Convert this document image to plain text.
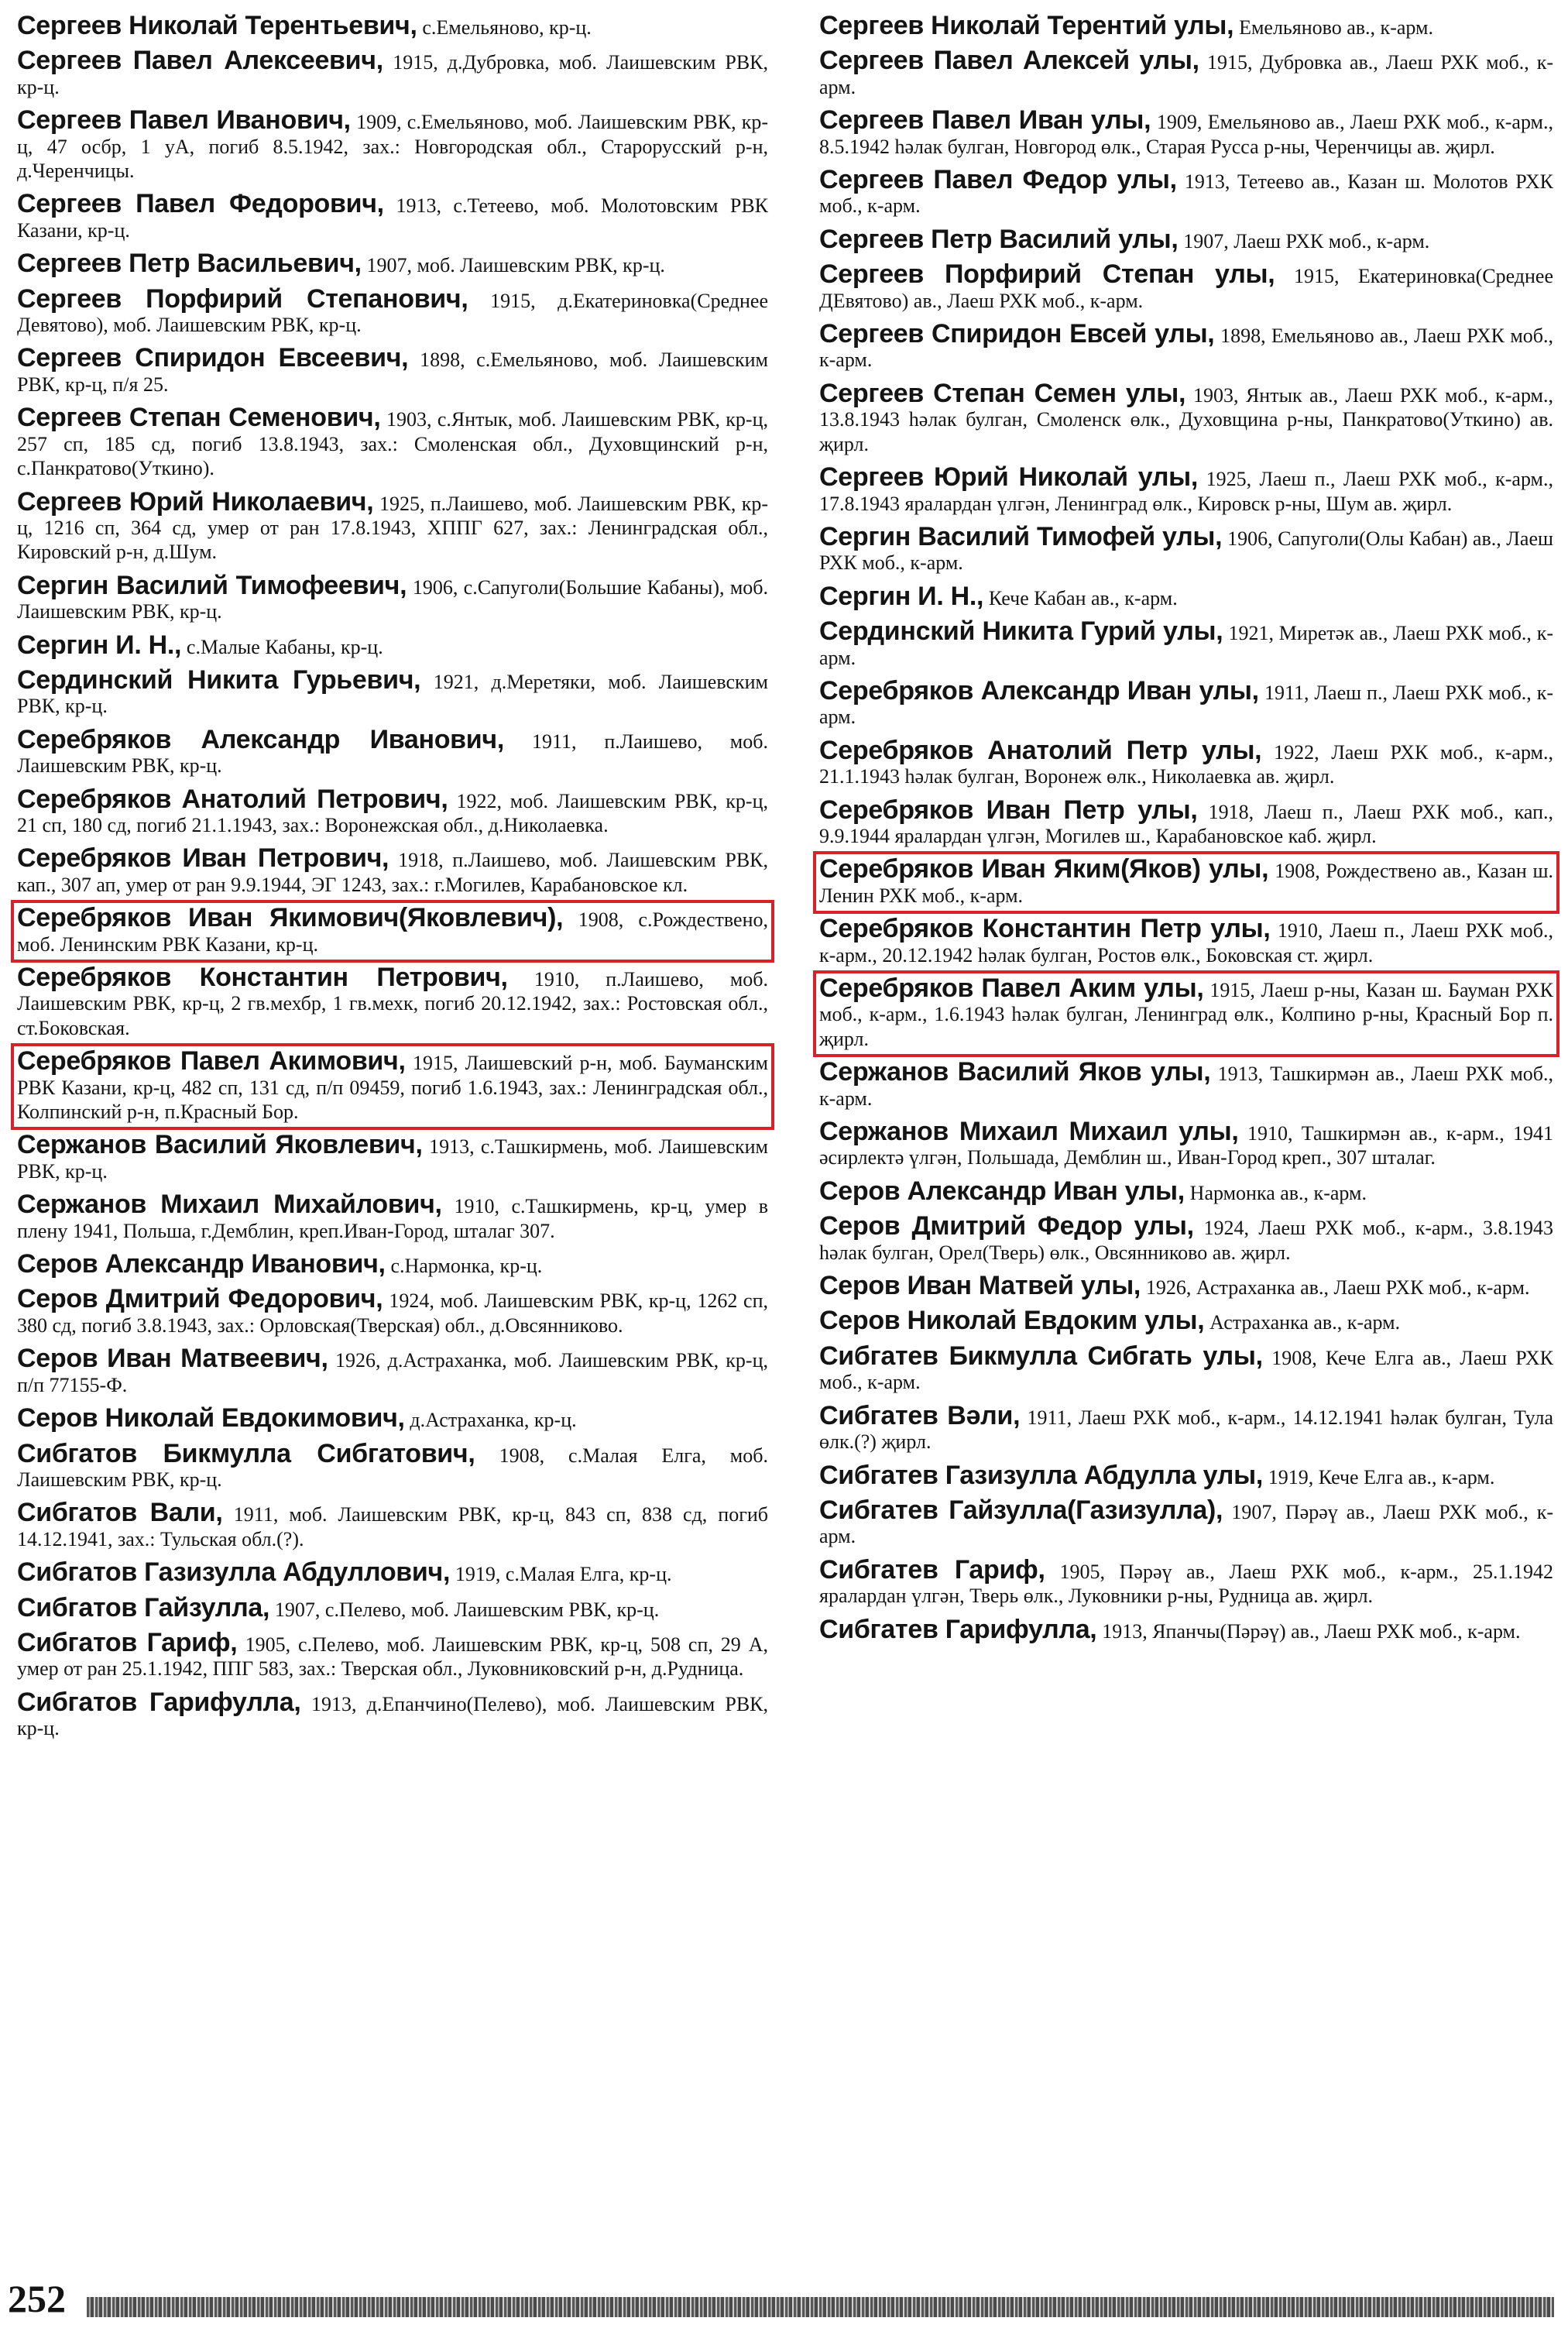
Сергеев Николай Терентьевич, с.Емельяново, кр-ц.
Сергеев Павел Алексеевич, 1915, д.Дубровка, моб. Лаишевским РВК, кр-ц.
Сергеев Павел Иванович, 1909, с.Емельяново, моб. Лаишевским РВК, кр-ц, 47 осбр, 1 уА, погиб 8.5.1942, зах.: Новгородская обл., Старорусский р-н, д.Черенчицы.
Сергеев Павел Федорович, 1913, с.Тетеево, моб. Молотовским РВК Казани, кр-ц.
Сергеев Петр Васильевич, 1907, моб. Лаишевским РВК, кр-ц.
Сергеев Порфирий Степанович, 1915, д.Екатериновка(Среднее Девятово), моб. Лаишевским РВК, кр-ц.
Сергеев Спиридон Евсеевич, 1898, с.Емельяново, моб. Лаишевским РВК, кр-ц, п/я 25.
Сергеев Степан Семенович, 1903, с.Янтык, моб. Лаишевским РВК, кр-ц, 257 сп, 185 сд, погиб 13.8.1943, зах.: Смоленская обл., Духовщинский р-н, с.Панкратово(Уткино).
Сергеев Юрий Николаевич, 1925, п.Лаишево, моб. Лаишевским РВК, кр-ц, 1216 сп, 364 сд, умер от ран 17.8.1943, ХППГ 627, зах.: Ленинградская обл., Кировский р-н, д.Шум.
Сергин Василий Тимофеевич, 1906, с.Сапуголи(Большие Кабаны), моб. Лаишевским РВК, кр-ц.
Сергин И. Н., с.Малые Кабаны, кр-ц.
Сердинский Никита Гурьевич, 1921, д.Меретяки, моб. Лаишевским РВК, кр-ц.
Серебряков Александр Иванович, 1911, п.Лаишево, моб. Лаишевским РВК, кр-ц.
Серебряков Анатолий Петрович, 1922, моб. Лаишевским РВК, кр-ц, 21 сп, 180 сд, погиб 21.1.1943, зах.: Воронежская обл., д.Николаевка.
Серебряков Иван Петрович, 1918, п.Лаишево, моб. Лаишевским РВК, кап., 307 ап, умер от ран 9.9.1944, ЭГ 1243, зах.: г.Могилев, Карабановское кл.
Серебряков Иван Якимович(Яковлевич), 1908, с.Рождествено, моб. Ленинским РВК Казани, кр-ц.
Серебряков Константин Петрович, 1910, п.Лаишево, моб. Лаишевским РВК, кр-ц, 2 гв.мехбр, 1 гв.мехк, погиб 20.12.1942, зах.: Ростовская обл., ст.Боковская.
Серебряков Павел Акимович, 1915, Лаишевский р-н, моб. Бауманским РВК Казани, кр-ц, 482 сп, 131 сд, п/п 09459, погиб 1.6.1943, зах.: Ленинградская обл., Колпинский р-н, п.Красный Бор.
Сержанов Василий Яковлевич, 1913, с.Ташкирмень, моб. Лаишевским РВК, кр-ц.
Сержанов Михаил Михайлович, 1910, с.Ташкирмень, кр-ц, умер в плену 1941, Польша, г.Демблин, креп.Иван-Город, шталаг 307.
Серов Александр Иванович, с.Нармонка, кр-ц.
Серов Дмитрий Федорович, 1924, моб. Лаишевским РВК, кр-ц, 1262 сп, 380 сд, погиб 3.8.1943, зах.: Орловская(Тверская) обл., д.Овсянниково.
Серов Иван Матвеевич, 1926, д.Астраханка, моб. Лаишевским РВК, кр-ц, п/п 77155-Ф.
Серов Николай Евдокимович, д.Астраханка, кр-ц.
Сибгатов Бикмулла Сибгатович, 1908, с.Малая Елга, моб. Лаишевским РВК, кр-ц.
Сибгатов Вали, 1911, моб. Лаишевским РВК, кр-ц, 843 сп, 838 сд, погиб 14.12.1941, зах.: Тульская обл.(?).
Сибгатов Газизулла Абдуллович, 1919, с.Малая Елга, кр-ц.
Сибгатов Гайзулла, 1907, с.Пелево, моб. Лаишевским РВК, кр-ц.
Сибгатов Гариф, 1905, с.Пелево, моб. Лаишевским РВК, кр-ц, 508 сп, 29 А, умер от ран 25.1.1942, ППГ 583, зах.: Тверская обл., Луковниковский р-н, д.Рудница.
Сибгатов Гарифулла, 1913, д.Епанчино(Пелево), моб. Лаишевским РВК, кр-ц.
Сергеев Николай Терентий улы, Емельяново ав., к-арм.
Сергеев Павел Алексей улы, 1915, Дубровка ав., Лаеш РХК моб., к-арм.
Сергеев Павел Иван улы, 1909, Емельяново ав., Лаеш РХК моб., к-арм., 8.5.1942 һәлак булган, Новгород өлк., Старая Русса р-ны, Черенчицы ав. җирл.
Сергеев Павел Федор улы, 1913, Тетеево ав., Казан ш. Молотов РХК моб., к-арм.
Сергеев Петр Василий улы, 1907, Лаеш РХК моб., к-арм.
Сергеев Порфирий Степан улы, 1915, Екатериновка(Среднее ДЕвятово) ав., Лаеш РХК моб., к-арм.
Сергеев Спиридон Евсей улы, 1898, Емельяново ав., Лаеш РХК моб., к-арм.
Сергеев Степан Семен улы, 1903, Янтык ав., Лаеш РХК моб., к-арм., 13.8.1943 һәлак булган, Смоленск өлк., Духовщина р-ны, Панкратово(Уткино) ав. җирл.
Сергеев Юрий Николай улы, 1925, Лаеш п., Лаеш РХК моб., к-арм., 17.8.1943 яралардан үлгән, Ленинград өлк., Кировск р-ны, Шум ав. җирл.
Сергин Василий Тимофей улы, 1906, Сапуголи(Олы Кабан) ав., Лаеш РХК моб., к-арм.
Сергин И. Н., Кече Кабан ав., к-арм.
Сердинский Никита Гурий улы, 1921, Миретәк ав., Лаеш РХК моб., к-арм.
Серебряков Александр Иван улы, 1911, Лаеш п., Лаеш РХК моб., к-арм.
Серебряков Анатолий Петр улы, 1922, Лаеш РХК моб., к-арм., 21.1.1943 һәлак булган, Воронеж өлк., Николаевка ав. җирл.
Серебряков Иван Петр улы, 1918, Лаеш п., Лаеш РХК моб., кап., 9.9.1944 яралардан үлгән, Могилев ш., Карабановское каб. җирл.
Серебряков Иван Яким(Яков) улы, 1908, Рождествено ав., Казан ш. Ленин РХК моб., к-арм.
Серебряков Константин Петр улы, 1910, Лаеш п., Лаеш РХК моб., к-арм., 20.12.1942 һәлак булган, Ростов өлк., Боковская ст. җирл.
Серебряков Павел Аким улы, 1915, Лаеш р-ны, Казан ш. Бауман РХК моб., к-арм., 1.6.1943 һәлак булган, Ленинград өлк., Колпино р-ны, Красный Бор п. җирл.
Сержанов Василий Яков улы, 1913, Ташкирмән ав., Лаеш РХК моб., к-арм.
Сержанов Михаил Михаил улы, 1910, Ташкирмән ав., к-арм., 1941 әсирлектә үлгән, Польшада, Демблин ш., Иван-Город креп., 307 шталаг.
Серов Александр Иван улы, Нармонка ав., к-арм.
Серов Дмитрий Федор улы, 1924, Лаеш РХК моб., к-арм., 3.8.1943 һәлак булган, Орел(Тверь) өлк., Овсянниково ав. җирл.
Серов Иван Матвей улы, 1926, Астраханка ав., Лаеш РХК моб., к-арм.
Серов Николай Евдоким улы, Астраханка ав., к-арм.
Сибгатев Бикмулла Сибгать улы, 1908, Кече Елга ав., Лаеш РХК моб., к-арм.
Сибгатев Вәли, 1911, Лаеш РХК моб., к-арм., 14.12.1941 һәлак булган, Тула өлк.(?) җирл.
Сибгатев Газизулла Абдулла улы, 1919, Кече Елга ав., к-арм.
Сибгатев Гайзулла(Газизулла), 1907, Пәрәү ав., Лаеш РХК моб., к-арм.
Сибгатев Гариф, 1905, Пәрәү ав., Лаеш РХК моб., к-арм., 25.1.1942 яралардан үлгән, Тверь өлк., Луковники р-ны, Рудница ав. җирл.
Сибгатев Гарифулла, 1913, Япанчы(Пәрәү) ав., Лаеш РХК моб., к-арм.
252
